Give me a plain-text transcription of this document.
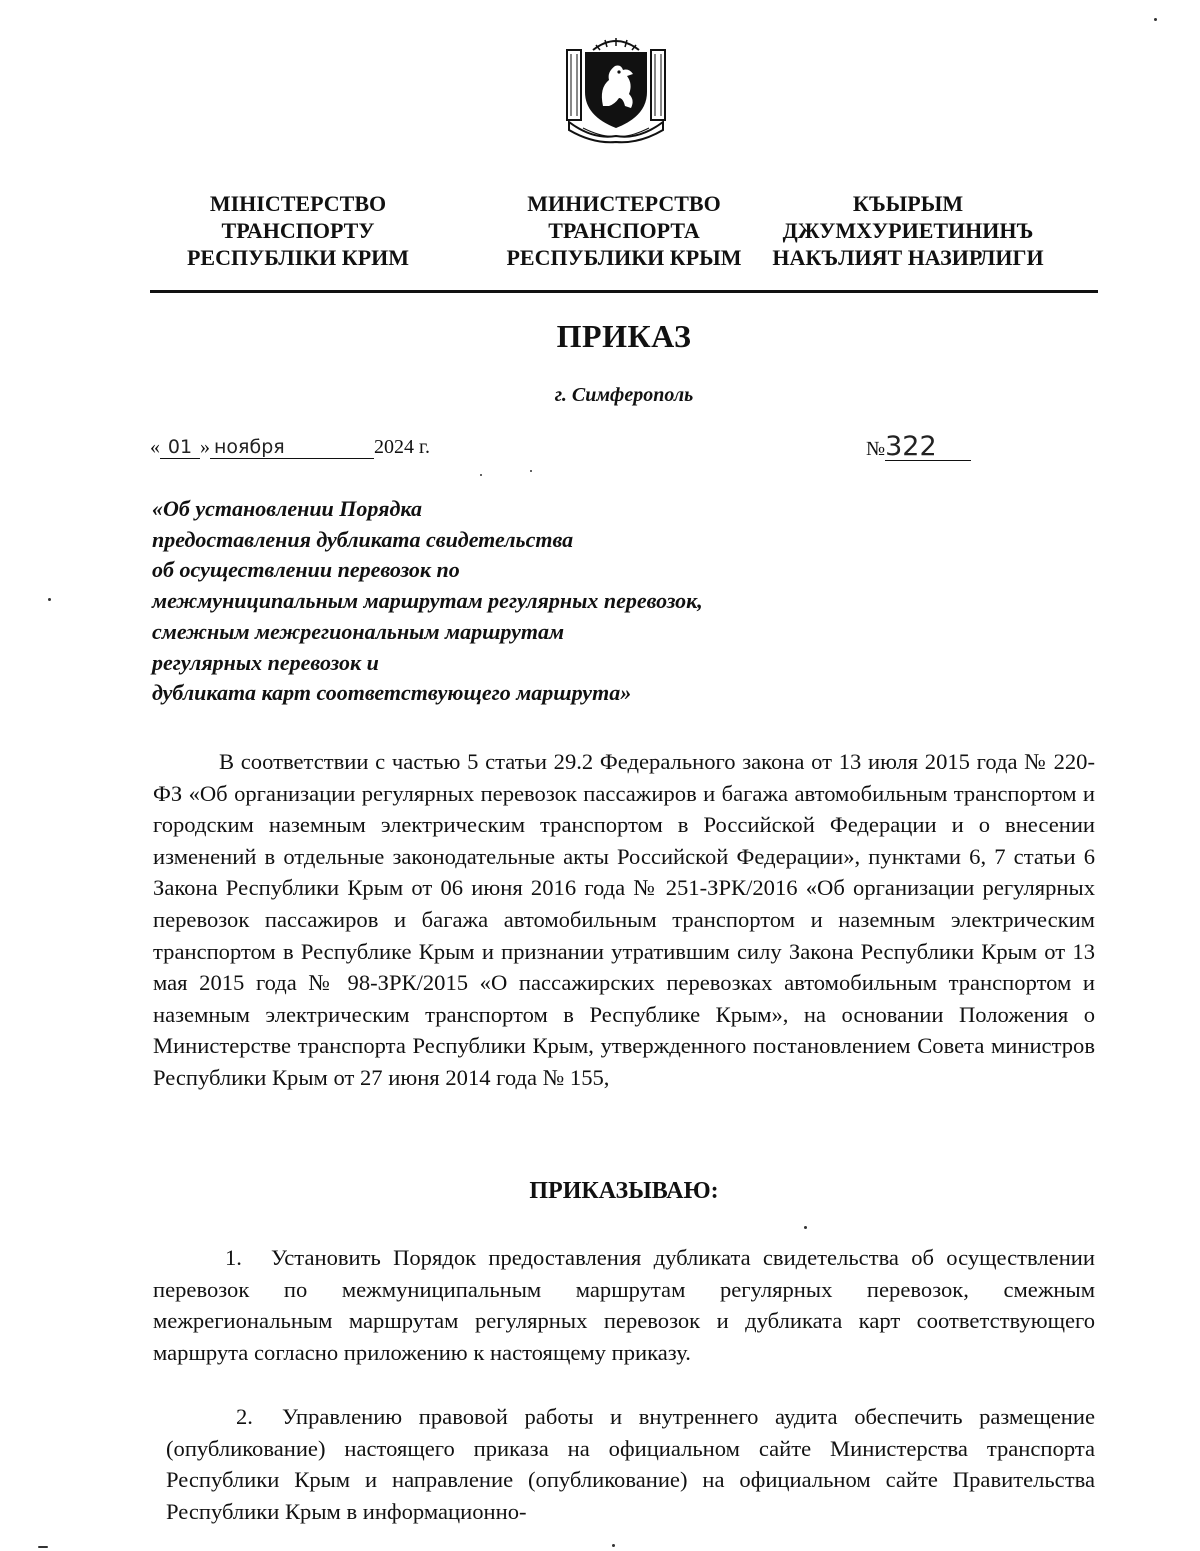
МІНІСТЕРСТВО
ТРАНСПОРТУ
РЕСПУБЛІКИ КРИМ
МИНИСТЕРСТВО
ТРАНСПОРТА
РЕСПУБЛИКИ КРЫМ
КЪЫРЫМ
ДЖУМХУРИЕТИНИНЪ
НАКЪЛИЯТ НАЗИРЛИГИ
ПРИКАЗ
г. Симферополь
« 01 » ноября	2024 г.	№322
«Об установлении Порядка
предоставления дубликата свидетельства
об осуществлении перевозок по
межмуниципальным маршрутам регулярных перевозок,
смежным межрегиональным маршрутам
регулярных перевозок и
дубликата карт соответствующего маршрута»
В соответствии с частью 5 статьи 29.2 Федерального закона от 13 июля 2015 года № 220-ФЗ «Об организации регулярных перевозок пассажиров и багажа автомобильным транспортом и городским наземным электрическим транспортом в Российской Федерации и о внесении изменений в отдельные законодательные акты Российской Федерации», пунктами 6, 7 статьи 6 Закона Республики Крым от 06 июня 2016 года № 251-ЗРК/2016 «Об организации регулярных перевозок пассажиров и багажа автомобильным транспортом и наземным электрическим транспортом в Республике Крым и признании утратившим силу Закона Республики Крым от 13 мая 2015 года № 98-ЗРК/2015 «О пассажирских перевозках автомобильным транспортом и наземным электрическим транспортом в Республике Крым», на основании Положения о Министерстве транспорта Республики Крым, утвержденного постановлением Совета министров Республики Крым от 27 июня 2014 года № 155,
ПРИКАЗЫВАЮ:
1. Установить Порядок предоставления дубликата свидетельства об осуществлении перевозок по межмуниципальным маршрутам регулярных перевозок, смежным межрегиональным маршрутам регулярных перевозок и дубликата карт соответствующего маршрута согласно приложению к настоящему приказу.
2. Управлению правовой работы и внутреннего аудита обеспечить размещение (опубликование) настоящего приказа на официальном сайте Министерства транспорта Республики Крым и направление (опубликование) на официальном сайте Правительства Республики Крым в информационно-
